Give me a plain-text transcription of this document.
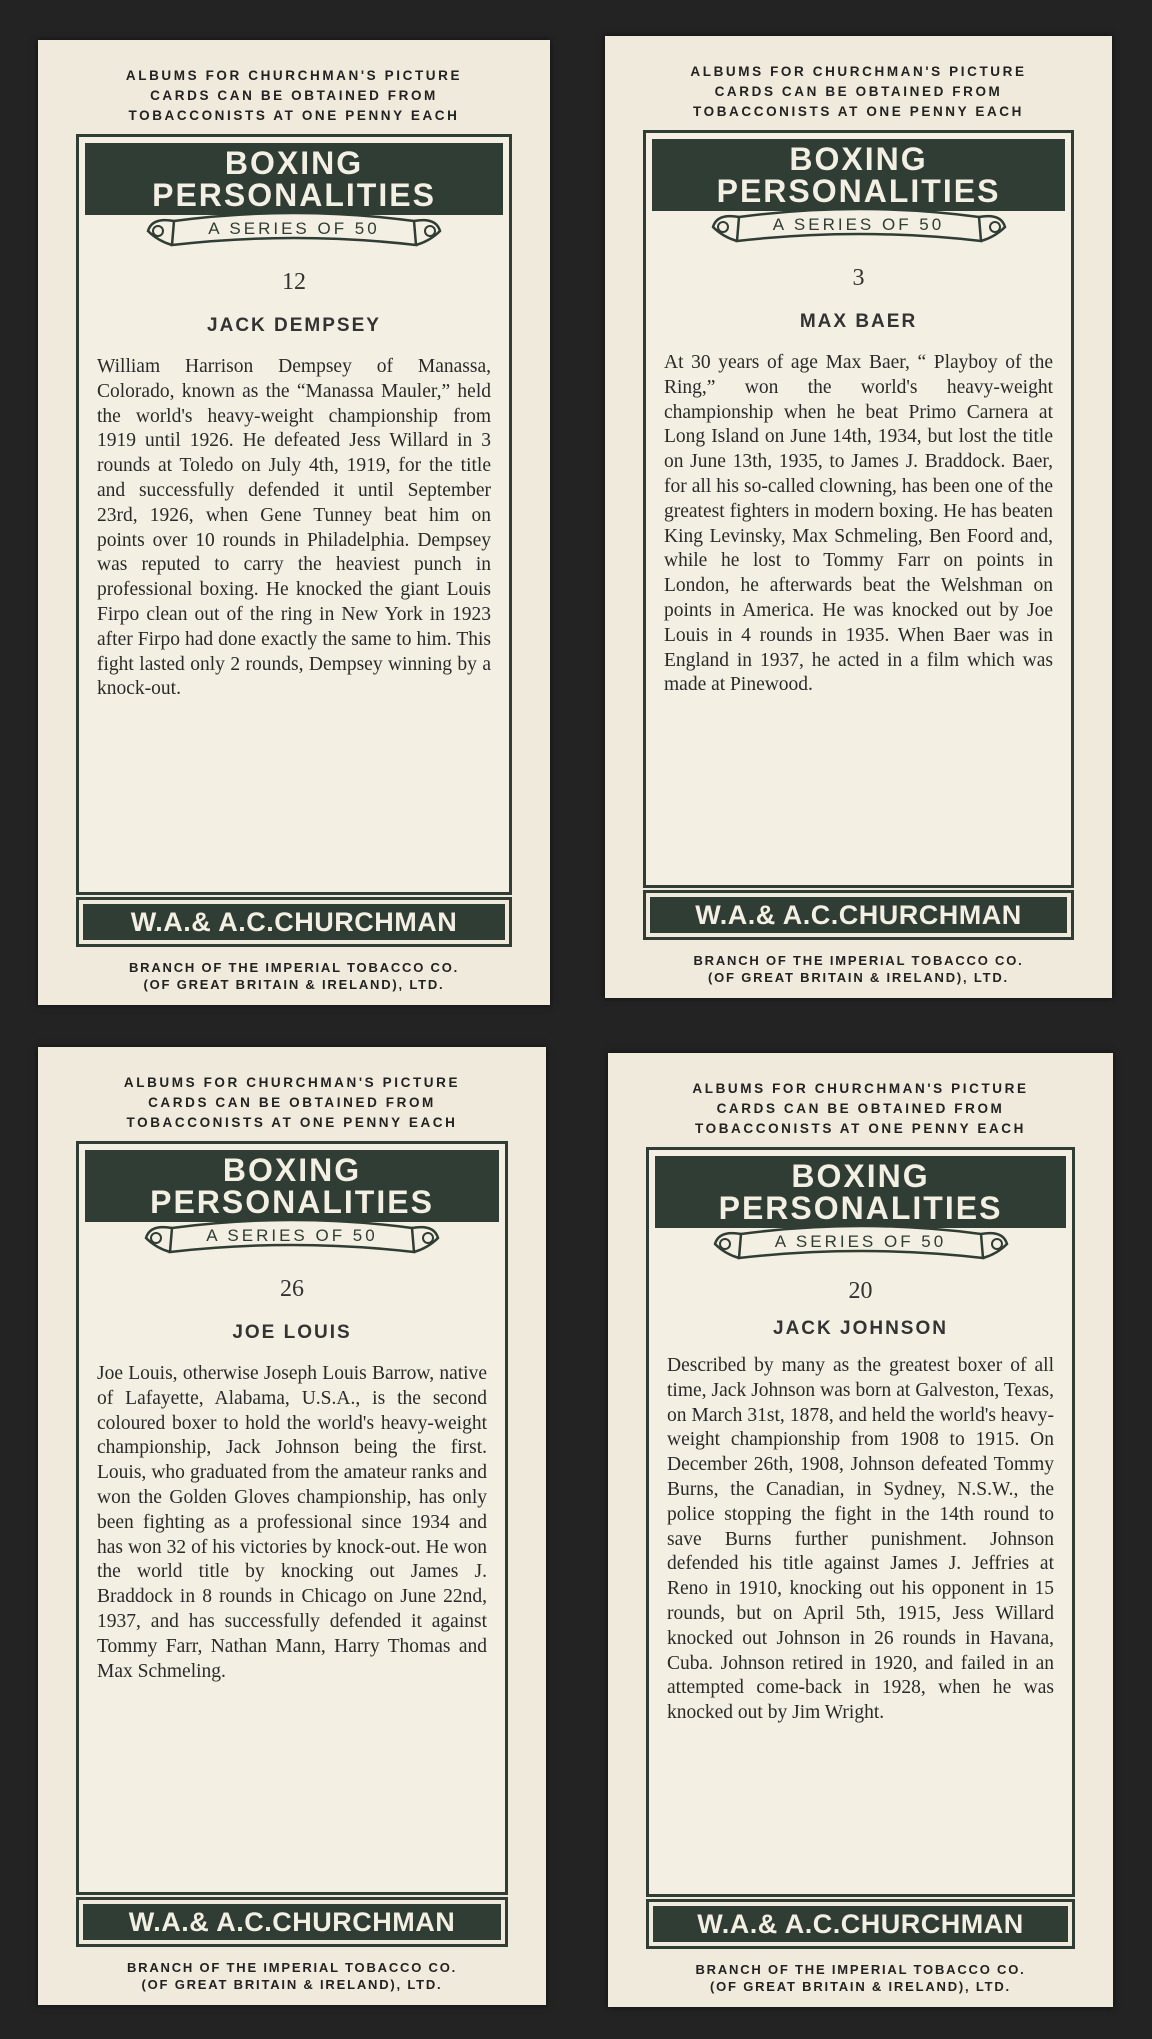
ALBUMS FOR CHURCHMAN'S PICTURE
CARDS CAN BE OBTAINED FROM
TOBACCONISTS AT ONE PENNY EACH
BOXING
PERSONALITIES
A SERIES OF 50
12
JACK DEMPSEY
William Harrison Dempsey of Manassa, Colorado, known as the “Manassa Mauler,” held the world's heavy-weight championship from 1919 until 1926. He defeated Jess Willard in 3 rounds at Toledo on July 4th, 1919, for the title and successfully defended it until September 23rd, 1926, when Gene Tunney beat him on points over 10 rounds in Philadelphia. Dempsey was reputed to carry the heaviest punch in professional boxing. He knocked the giant Louis Firpo clean out of the ring in New York in 1923 after Firpo had done exactly the same to him. This fight lasted only 2 rounds, Dempsey winning by a knock-out.
W.A.& A.C.CHURCHMAN
BRANCH OF THE IMPERIAL TOBACCO CO.
(OF GREAT BRITAIN & IRELAND), LTD.
ALBUMS FOR CHURCHMAN'S PICTURE
CARDS CAN BE OBTAINED FROM
TOBACCONISTS AT ONE PENNY EACH
BOXING
PERSONALITIES
A SERIES OF 50
3
MAX BAER
At 30 years of age Max Baer, “ Playboy of the Ring,” won the world's heavy-weight championship when he beat Primo Carnera at Long Island on June 14th, 1934, but lost the title on June 13th, 1935, to James J. Braddock. Baer, for all his so-called clowning, has been one of the greatest fighters in modern boxing. He has beaten King Levinsky, Max Schmeling, Ben Foord and, while he lost to Tommy Farr on points in London, he afterwards beat the Welshman on points in America. He was knocked out by Joe Louis in 4 rounds in 1935. When Baer was in England in 1937, he acted in a film which was made at Pinewood.
W.A.& A.C.CHURCHMAN
BRANCH OF THE IMPERIAL TOBACCO CO.
(OF GREAT BRITAIN & IRELAND), LTD.
ALBUMS FOR CHURCHMAN'S PICTURE
CARDS CAN BE OBTAINED FROM
TOBACCONISTS AT ONE PENNY EACH
BOXING
PERSONALITIES
A SERIES OF 50
26
JOE LOUIS
Joe Louis, otherwise Joseph Louis Barrow, native of Lafayette, Alabama, U.S.A., is the second coloured boxer to hold the world's heavy-weight championship, Jack Johnson being the first. Louis, who graduated from the amateur ranks and won the Golden Gloves championship, has only been fighting as a professional since 1934 and has won 32 of his victories by knock-out. He won the world title by knocking out James J. Braddock in 8 rounds in Chicago on June 22nd, 1937, and has successfully defended it against Tommy Farr, Nathan Mann, Harry Thomas and Max Schmeling.
W.A.& A.C.CHURCHMAN
BRANCH OF THE IMPERIAL TOBACCO CO.
(OF GREAT BRITAIN & IRELAND), LTD.
ALBUMS FOR CHURCHMAN'S PICTURE
CARDS CAN BE OBTAINED FROM
TOBACCONISTS AT ONE PENNY EACH
BOXING
PERSONALITIES
A SERIES OF 50
20
JACK JOHNSON
Described by many as the greatest boxer of all time, Jack Johnson was born at Galveston, Texas, on March 31st, 1878, and held the world's heavy-weight championship from 1908 to 1915. On December 26th, 1908, Johnson defeated Tommy Burns, the Canadian, in Sydney, N.S.W., the police stopping the fight in the 14th round to save Burns further punishment. Johnson defended his title against James J. Jeffries at Reno in 1910, knocking out his opponent in 15 rounds, but on April 5th, 1915, Jess Willard knocked out Johnson in 26 rounds in Havana, Cuba. Johnson retired in 1920, and failed in an attempted come-back in 1928, when he was knocked out by Jim Wright.
W.A.& A.C.CHURCHMAN
BRANCH OF THE IMPERIAL TOBACCO CO.
(OF GREAT BRITAIN & IRELAND), LTD.
